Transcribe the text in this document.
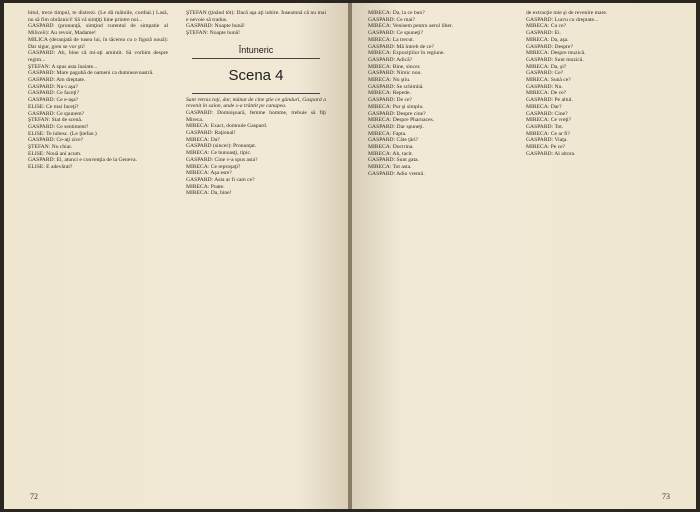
bitul, trece timpul, te distrezi. (Le dă mâinile, cordial.) Lasă, nu să fim obrăznici! Să vă simţiţi bine printre noi...

GASPARD (pronunţă, simţind curentul de simpatie al Miliceii): Au revoir, Madame!

MILICA (deranjată de tusea lui, în tăcerea cu o figură nouă): Dar sigur, greu se vor şti!

GASPARD: Ah, bine că mi-aţi amintit. Să vorbim despre regim...

ŞTEFAN: A spus asta înainte...

GASPARD: Mare pagubă de oameni ca dumneavoastră.

GASPARD: Am dreptate.

GASPARD: Nu-i aşa?

GASPARD: Ce faceţi?

GASPARD: Ce e-aşa?

ELISE: Ce mai faceţi?

GASPARD: Ce spunem?

ŞTEFAN: Stat de scenă.

GASPARD: Ce sentiment?

ELISE: Te iubesc. (Le Ştefan.)

GASPARD: Ce-aţi zice?

ŞTEFAN: Nu chiar.

ELISE: Nouă ani acum.

GASPARD: El, atunci e convenţia de la Geneva.

ELISE: E adevărat?

ŞTEFAN (ţinând tôt): Dacă aşa aţi iubire. Înseamnă că nu mai e nevoie să tradus.

GASPARD: Noapte bună!

ŞTEFAN: Noapte bună!

Întuneric
Scena 4

Sunt retras toţi, dar, mânat de cine ştie ce gânduri, Gaspard a revenit în salon, unde s-a trântit pe canapea.

GASPARD: Domnişoară, femme homme, trebuie să fiţi Mireca.

MIRECA: Exact, domnule Gaspard.

GASPARD: Raţional!

MIRECA: Da?

GASPARD (sincer): Pronunţat.

MIRECA: Ce bunoasţi, tipic.

GASPARD: Cine v-a spus asta?

MIRECA: Ce reproşaţi?

MIRECA: Aşa este?

GASPARD: Asta ar fi cam ce?

MIRECA: Poate.

MIRECA: Da, bine!

72

MIRECA: Da, la ce bun?

GASPARD: Ce mai?

MIRECA: Venisem pentru aerul liber.

GASPARD: Ce spuneţi?

MIRECA: La trecut.

GASPARD: Mă întreb de ce?

MIRECA: Expoziţiilor în regiune.

GASPARD: Adică?

MIRECA: Bine, sincer.

GASPARD: Nimic nou.

MIRECA: Nu ştiu.

GASPARD: Se schimbă.

MIRECA: Repede.

GASPARD: De ce?

MIRECA: Pur şi simplu.

GASPARD: Despre cine?

MIRECA: Despre Pharnaces.

GASPARD: Dar spuneţi.

MIRECA: Fapta.

GASPARD: Câte ţări?

MIRECA: Doctrina.

MIRECA: Ah, tacit.

GASPARD: Sunt gata.

MIRECA: Tot asta.

GASPARD: Adio vremii.

de extracţie mie şi de revenire mare.

GASPARD: Lucru cu dreptate...

MIRECA: Cu ce?

GASPARD: Ei.

MIRECA: Da, aşa.

GASPARD: Despre?

MIRECA: Despre muzică.

GASPARD: Sunt muzică.

MIRECA: Da, şi?

GASPARD: Ce?

MIRECA: Sună ce?

GASPARD: Nu.

MIRECA: De ce?

GASPARD: Pe altul.

MIRECA: Dar?

GASPARD: Cine?

MIRECA: Ce vreţi?

GASPARD: Tot.

MIRECA: Ce ar fi?

GASPARD: Viaţa.

MIRECA: Pe ce?

GASPARD: Al altora.

73
